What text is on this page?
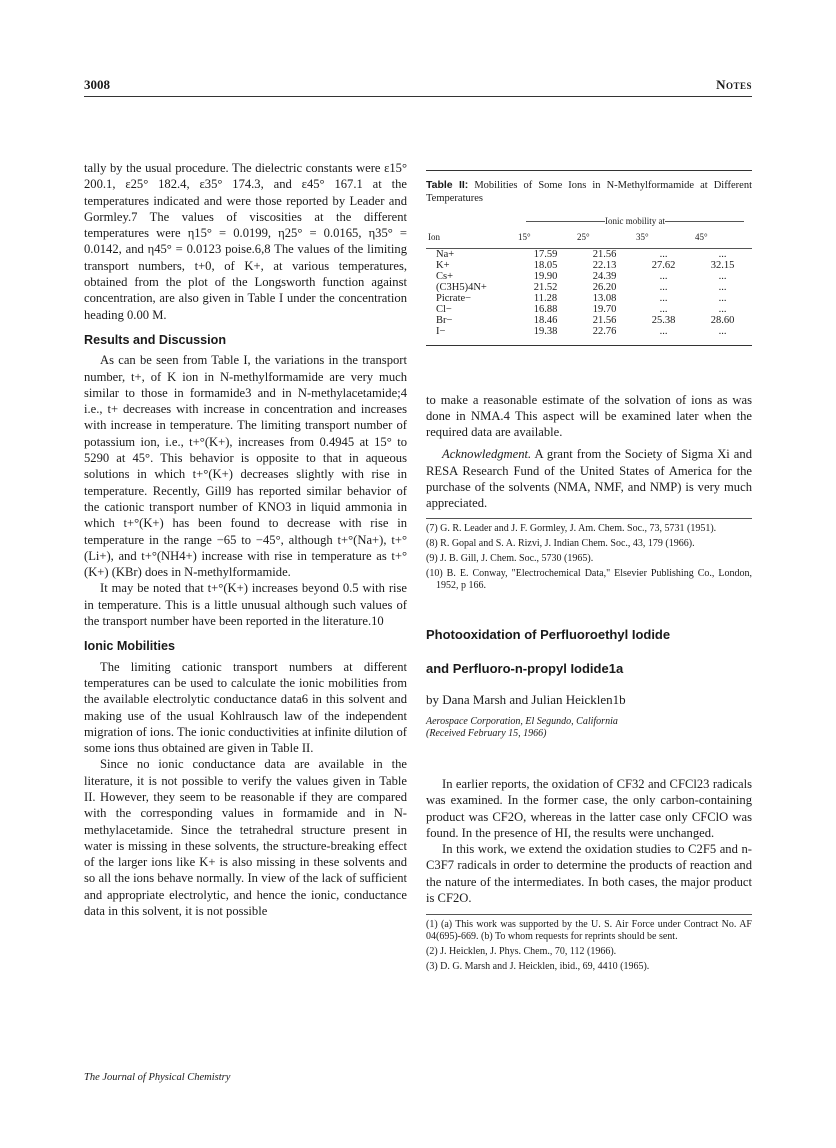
3008	Notes

tally by the usual procedure. The dielectric constants were ε15° 200.1, ε25° 182.4, ε35° 174.3, and ε45° 167.1 at the temperatures indicated and were those reported by Leader and Gormley.7 The values of viscosities at the different temperatures were η15° = 0.0199, η25° = 0.0165, η35° = 0.0142, and η45° = 0.0123 poise.6,8 The values of the limiting transport numbers, t+0, of K+, at various temperatures, obtained from the plot of the Longsworth function against concentration, are also given in Table I under the concentration heading 0.00 M.

Results and Discussion

As can be seen from Table I, the variations in the transport number, t+, of K ion in N-methylformamide are very much similar to those in formamide3 and in N-methylacetamide;4 i.e., t+ decreases with increase in concentration and increases with increase in temperature. The limiting transport number of potassium ion, i.e., t+°(K+), increases from 0.4945 at 15° to 5290 at 45°. This behavior is opposite to that in aqueous solutions in which t+°(K+) decreases slightly with rise in temperature. Recently, Gill9 has reported similar behavior of the cationic transport number of KNO3 in liquid ammonia in which t+°(K+) has been found to decrease with rise in temperature in the range −65 to −45°, although t+°(Na+), t+°(Li+), and t+°(NH4+) increase with rise in temperature as t+°(K+) (KBr) does in N-methylformamide.

It may be noted that t+°(K+) increases beyond 0.5 with rise in temperature. This is a little unusual although such values of the transport number have been reported in the literature.10

Ionic Mobilities

The limiting cationic transport numbers at different temperatures can be used to calculate the ionic mobilities from the available electrolytic conductance data6 in this solvent and making use of the usual Kohlrausch law of the independent migration of ions. The ionic conductivities at infinite dilution of some ions thus obtained are given in Table II.

Since no ionic conductance data are available in the literature, it is not possible to verify the values given in Table II. However, they seem to be reasonable if they are compared with the corresponding values in formamide and in N-methylacetamide. Since the tetrahedral structure present in water is missing in these solvents, the structure-breaking effect of the larger ions like K+ is also missing in these solvents and so all the ions behave normally. In view of the lack of sufficient and appropriate electrolytic, and hence the ionic, conductance data in this solvent, it is not possible

Table II: Mobilities of Some Ions in N-Methylformamide at Different Temperatures
Ionic mobility at
Ion	15°	25°	35°	45°
Na+	17.59	21.56	...	...
K+	18.05	22.13	27.62	32.15
Cs+	19.90	24.39	...	...
(C3H5)4N+	21.52	26.20	...	...
Picrate−	11.28	13.08	...	...
Cl−	16.88	19.70	...	...
Br−	18.46	21.56	25.38	28.60
I−	19.38	22.76	...	...

to make a reasonable estimate of the solvation of ions as was done in NMA.4 This aspect will be examined later when the required data are available.

Acknowledgment. A grant from the Society of Sigma Xi and RESA Research Fund of the United States of America for the purchase of the solvents (NMA, NMF, and NMP) is very much appreciated.

(7) G. R. Leader and J. F. Gormley, J. Am. Chem. Soc., 73, 5731 (1951).

(8) R. Gopal and S. A. Rizvi, J. Indian Chem. Soc., 43, 179 (1966).

(9) J. B. Gill, J. Chem. Soc., 5730 (1965).

(10) B. E. Conway, "Electrochemical Data," Elsevier Publishing Co., London, 1952, p 166.

Photooxidation of Perfluoroethyl Iodide
and Perfluoro-n-propyl Iodide1a
by Dana Marsh and Julian Heicklen1b
Aerospace Corporation, El Segundo, California
(Received February 15, 1966)

In earlier reports, the oxidation of CF32 and CFCl23 radicals was examined. In the former case, the only carbon-containing product was CF2O, whereas in the latter case only CFClO was found. In the presence of HI, the results were unchanged.

In this work, we extend the oxidation studies to C2F5 and n-C3F7 radicals in order to determine the products of reaction and the nature of the intermediates. In both cases, the major product is CF2O.

(1) (a) This work was supported by the U. S. Air Force under Contract No. AF 04(695)-669. (b) To whom requests for reprints should be sent.

(2) J. Heicklen, J. Phys. Chem., 70, 112 (1966).

(3) D. G. Marsh and J. Heicklen, ibid., 69, 4410 (1965).

The Journal of Physical Chemistry
